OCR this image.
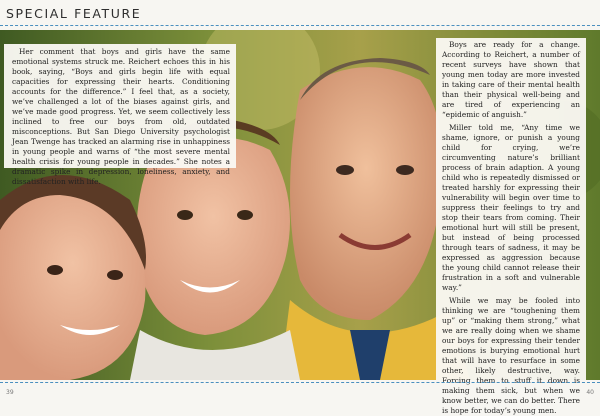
SPECIAL FEATURE

Her comment that boys and girls have the same emotional systems struck me. Reichert echoes this in his book, saying, “Boys and girls begin life with equal capacities for expressing their hearts. Conditioning accounts for the difference.” I feel that, as a society, we’ve challenged a lot of the biases against girls, and we’ve made good progress. Yet, we seem collectively less inclined to free our boys from old, outdated misconceptions. But San Diego University psychologist Jean Twenge has tracked an alarming rise in unhappiness in young people and warns of “the most severe mental health crisis for young people in decades.” She notes a dramatic spike in depression, loneliness, anxiety, and dissatisfaction with life.

Boys are ready for a change. According to Reichert, a number of recent surveys have shown that young men today are more invested in taking care of their mental health than their physical well-being and are tired of experiencing an “epidemic of anguish.”

Miller told me, “Any time we shame, ignore, or punish a young child for crying, we’re circumventing nature’s brilliant process of brain adaption. A young child who is repeatedly dismissed or treated harshly for expressing their vulnerability will begin over time to suppress their feelings to try and stop their tears from coming. Their emotional hurt will still be present, but instead of being processed through tears of sadness, it may be expressed as aggression because the young child cannot release their frustration in a soft and vulnerable way.”

While we may be fooled into thinking we are “toughening them up” or “making them strong,” what we are really doing when we shame our boys for expressing their tender emotions is burying emotional hurt that will have to resurface in some other, likely destructive, way. Forcing them to stuff it down is making them sick, but when we know better, we can do better. There is hope for today’s young men.

39	40
